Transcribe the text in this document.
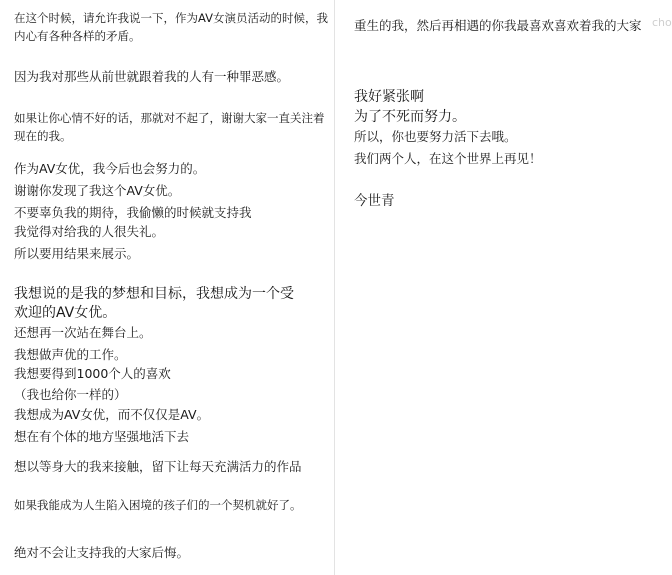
在这个时候，请允许我说一下，作为AV女演员活动的时候，我
内心有各种各样的矛盾。
因为我对那些从前世就跟着我的人有一种罪恶感。
如果让你心情不好的话，那就对不起了，谢谢大家一直关注着
现在的我。
作为AV女优，我今后也会努力的。
谢谢你发现了我这个AV女优。
不要辜负我的期待，我偷懒的时候就支持我
我觉得对给我的人很失礼。
所以要用结果来展示。
我想说的是我的梦想和目标，我想成为一个受
欢迎的AV女优。
还想再一次站在舞台上。
我想做声优的工作。
我想要得到1000个人的喜欢
（我也给你一样的）
我想成为AV女优，而不仅仅是AV。
想在有个体的地方坚强地活下去
想以等身大的我来接触，留下让每天充满活力的作品
如果我能成为人生陷入困境的孩子们的一个契机就好了。
绝对不会让支持我的大家后悔。
重生的我，然后再相遇的你我最喜欢喜欢着我的大家
我好紧张啊
为了不死而努力。
所以，你也要努力活下去哦。
我们两个人，在这个世界上再见！
今世青
cho
